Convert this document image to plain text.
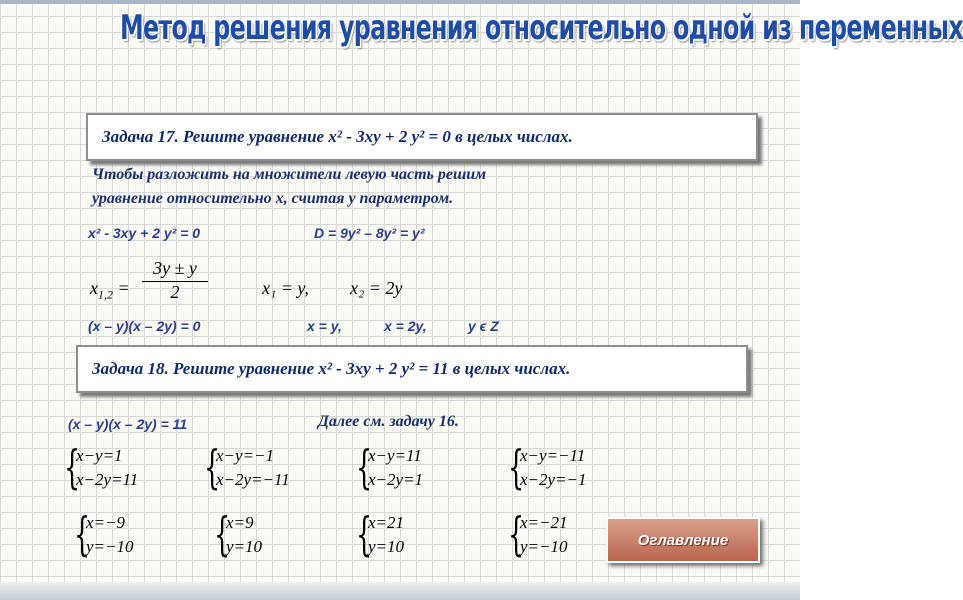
Метод решения уравнения относительно одной из переменных
Задача 17. Решите уравнение x² - 3xy + 2 y² = 0 в целых числах.
Чтобы разложить на множители левую часть решим
уравнение относительно x, считая y параметром.
x² - 3xy + 2 y² = 0	D = 9y² – 8y² = y²
$x_{1,2}$ =
3y ± y
2	x₁ = y, x₂ = 2y
(x – y)(x – 2y) = 0	x = y,	x = 2y,	y ϵ Z
Задача 18. Решите уравнение x² - 3xy + 2 y² = 11 в целых числах.
(x – y)(x – 2y) = 11	Далее см. задачу 16.
{
x−y=1
x−2y=11 {
x−y=−1
x−2y=−11 {
x−y=11
x−2y=1 {
x−y=−11
x−2y=−1
{
x=−9
y=−10 {
x=9
y=10 {
x=21
y=10 {
x=−21
y=−10	Оглавление
